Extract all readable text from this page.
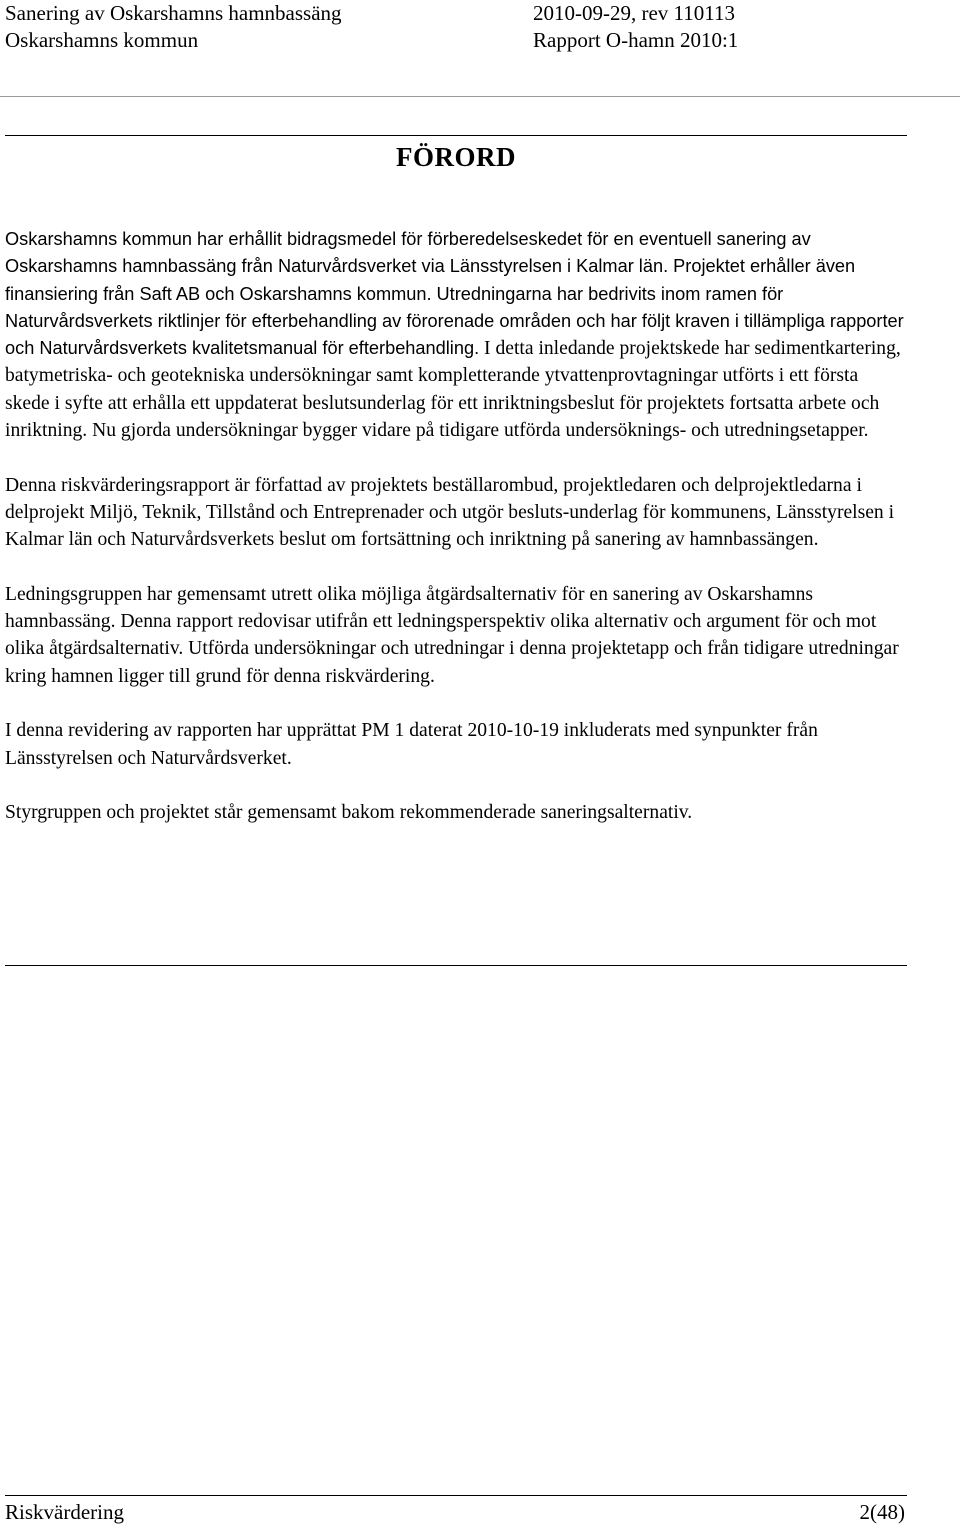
Sanering av Oskarshamns hamnbassäng	2010-09-29, rev 110113
Oskarshamns kommun	Rapport O-hamn 2010:1
FÖRORD

Oskarshamns kommun har erhållit bidragsmedel för förberedelseskedet för en eventuell sanering av Oskarshamns hamnbassäng från Naturvårdsverket via Länsstyrelsen i Kalmar län. Projektet erhåller även finansiering från Saft AB och Oskarshamns kommun. Utredningarna har bedrivits inom ramen för Naturvårdsverkets riktlinjer för efterbehandling av förorenade områden och har följt kraven i tillämpliga rapporter och Naturvårdsverkets kvalitetsmanual för efterbehandling. I detta inledande projektskede har sedimentkartering, batymetriska- och geotekniska undersökningar samt kompletterande ytvattenprovtagningar utförts i ett första skede i syfte att erhålla ett uppdaterat beslutsunderlag för ett inriktningsbeslut för projektets fortsatta arbete och inriktning. Nu gjorda undersökningar bygger vidare på tidigare utförda undersöknings- och utredningsetapper.

Denna riskvärderingsrapport är författad av projektets beställarombud, projektledaren och delprojektledarna i delprojekt Miljö, Teknik, Tillstånd och Entreprenader och utgör besluts-underlag för kommunens, Länsstyrelsen i Kalmar län och Naturvårdsverkets beslut om fortsättning och inriktning på sanering av hamnbassängen.

Ledningsgruppen har gemensamt utrett olika möjliga åtgärdsalternativ för en sanering av Oskarshamns hamnbassäng. Denna rapport redovisar utifrån ett ledningsperspektiv olika alternativ och argument för och mot olika åtgärdsalternativ. Utförda undersökningar och utredningar i denna projektetapp och från tidigare utredningar kring hamnen ligger till grund för denna riskvärdering.

I denna revidering av rapporten har upprättat PM 1 daterat 2010-10-19 inkluderats med synpunkter från Länsstyrelsen och Naturvårdsverket.

Styrgruppen och projektet står gemensamt bakom rekommenderade saneringsalternativ.

Riskvärdering	2(48)
